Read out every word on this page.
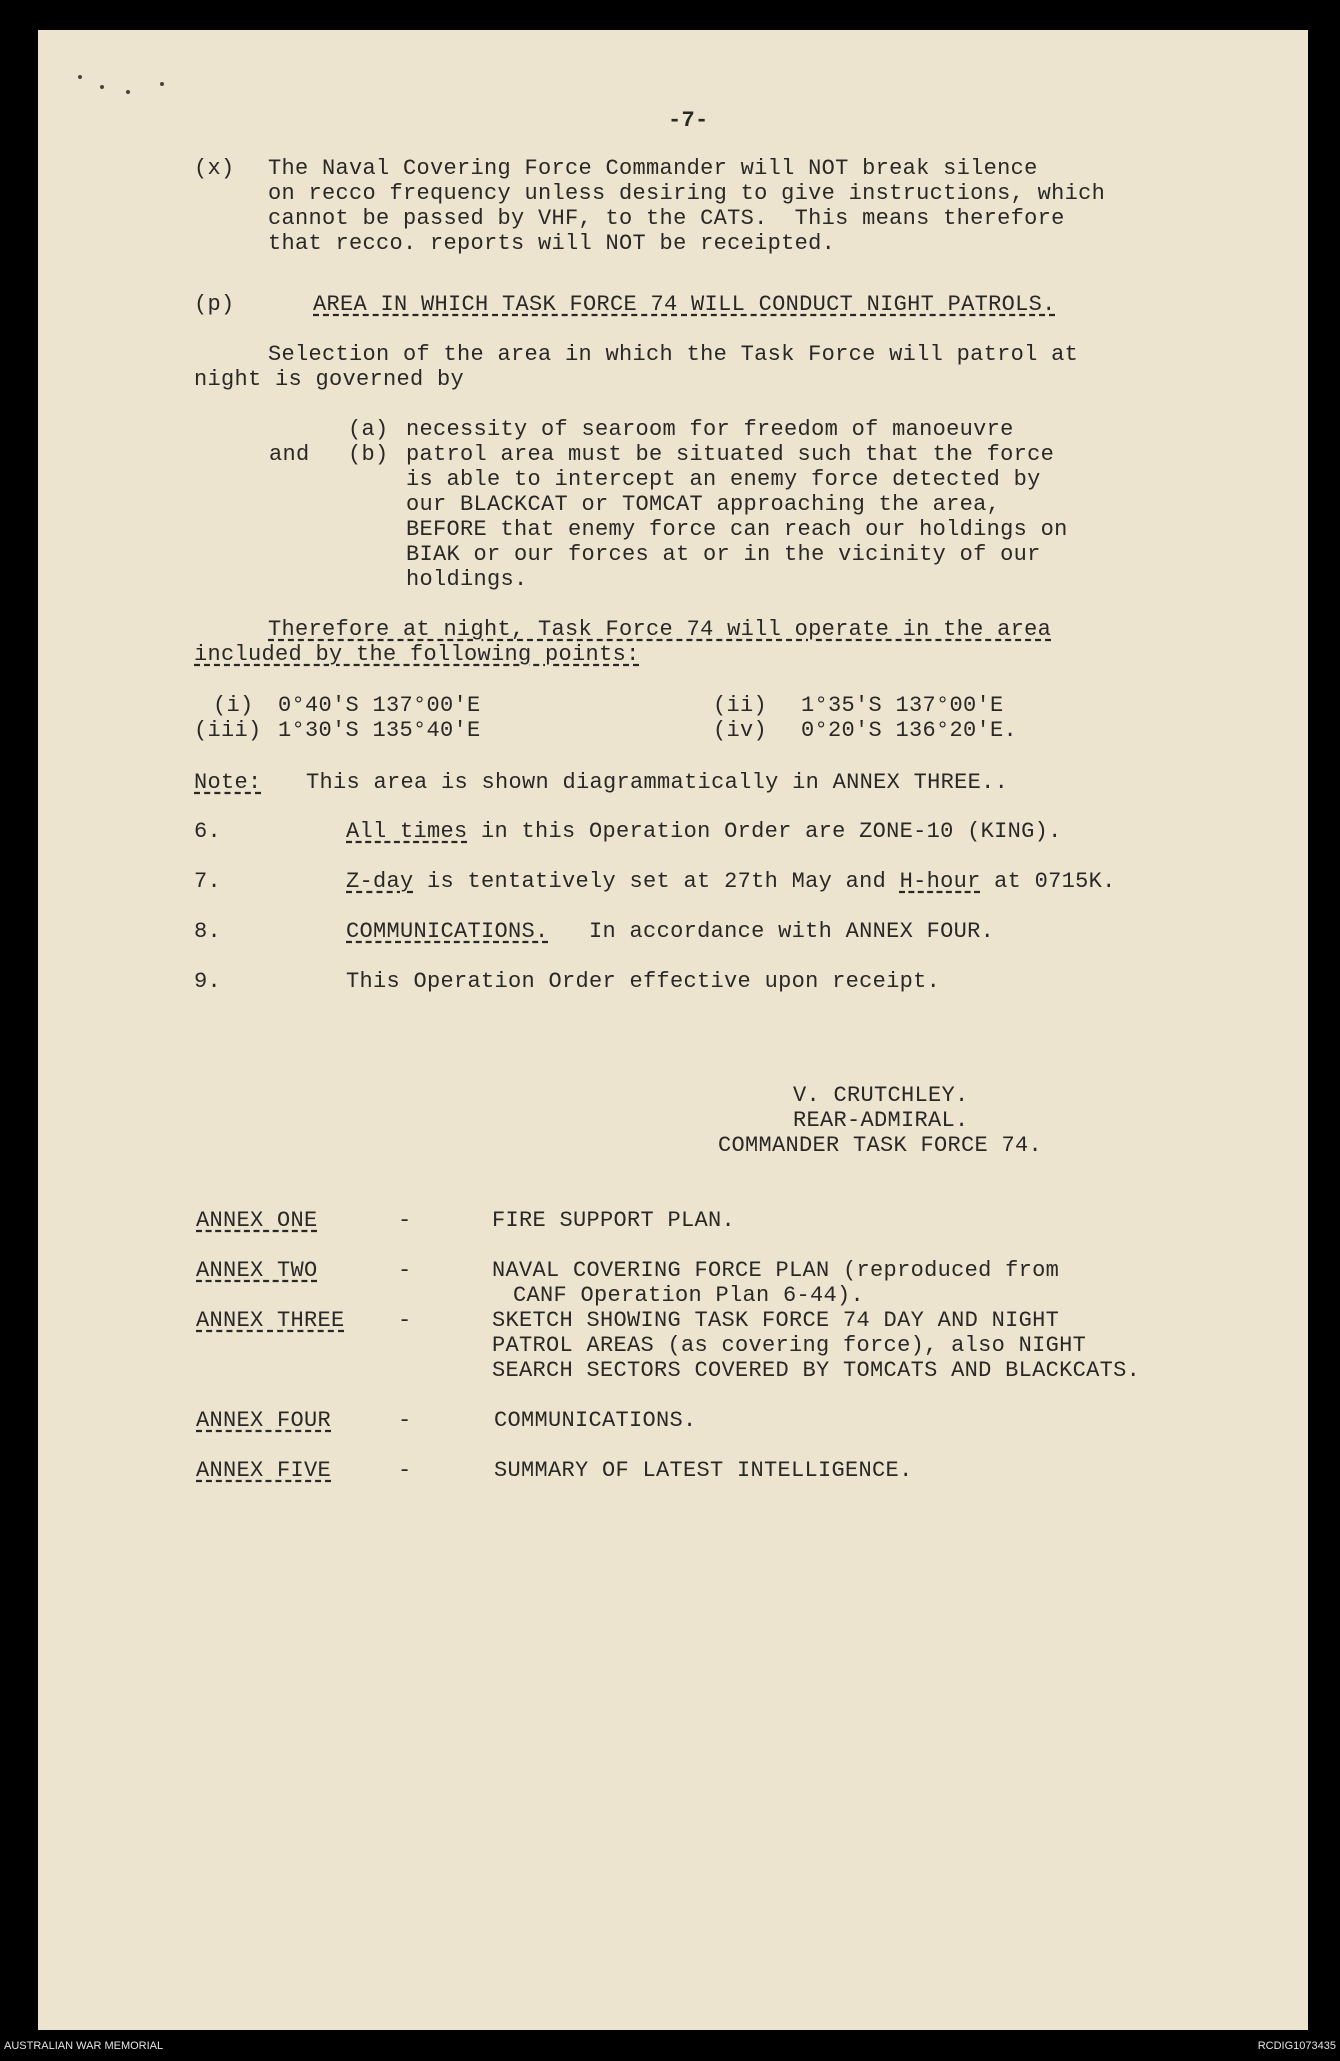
-7-
(x) The Naval Covering Force Commander will NOT break silence
on recco frequency unless desiring to give instructions, which
cannot be passed by VHF, to the CATS.  This means therefore
that recco. reports will NOT be receipted.
(p)	AREA IN WHICH TASK FORCE 74 WILL CONDUCT NIGHT PATROLS.
Selection of the area in which the Task Force will patrol at
night is governed by
(a) necessity of searoom for freedom of manoeuvre
and (b) patrol area must be situated such that the force
is able to intercept an enemy force detected by
our BLACKCAT or TOMCAT approaching the area,
BEFORE that enemy force can reach our holdings on
BIAK or our forces at or in the vicinity of our
holdings.
Therefore at night, Task Force 74 will operate in the area
included by the following points:
(i) 0°40'S 137°00'E	(ii) 1°35'S 137°00'E
(iii) 1°30'S 135°40'E	(iv) 0°20'S 136°20'E.
Note: This area is shown diagrammatically in ANNEX THREE..
6.	All times in this Operation Order are ZONE-10 (KING).
7.	Z-day is tentatively set at 27th May and H-hour at 0715K.
8.	COMMUNICATIONS.   In accordance with ANNEX FOUR.
9.	This Operation Order effective upon receipt.
V. CRUTCHLEY.
REAR-ADMIRAL.
COMMANDER TASK FORCE 74.
ANNEX ONE	-	FIRE SUPPORT PLAN.
ANNEX TWO	-	NAVAL COVERING FORCE PLAN (reproduced from
CANF Operation Plan 6-44).
ANNEX THREE -	SKETCH SHOWING TASK FORCE 74 DAY AND NIGHT
PATROL AREAS (as covering force), also NIGHT
SEARCH SECTORS COVERED BY TOMCATS AND BLACKCATS.
ANNEX FOUR	-	COMMUNICATIONS.
ANNEX FIVE	-	SUMMARY OF LATEST INTELLIGENCE.
AUSTRALIAN WAR MEMORIAL	RCDIG1073435
